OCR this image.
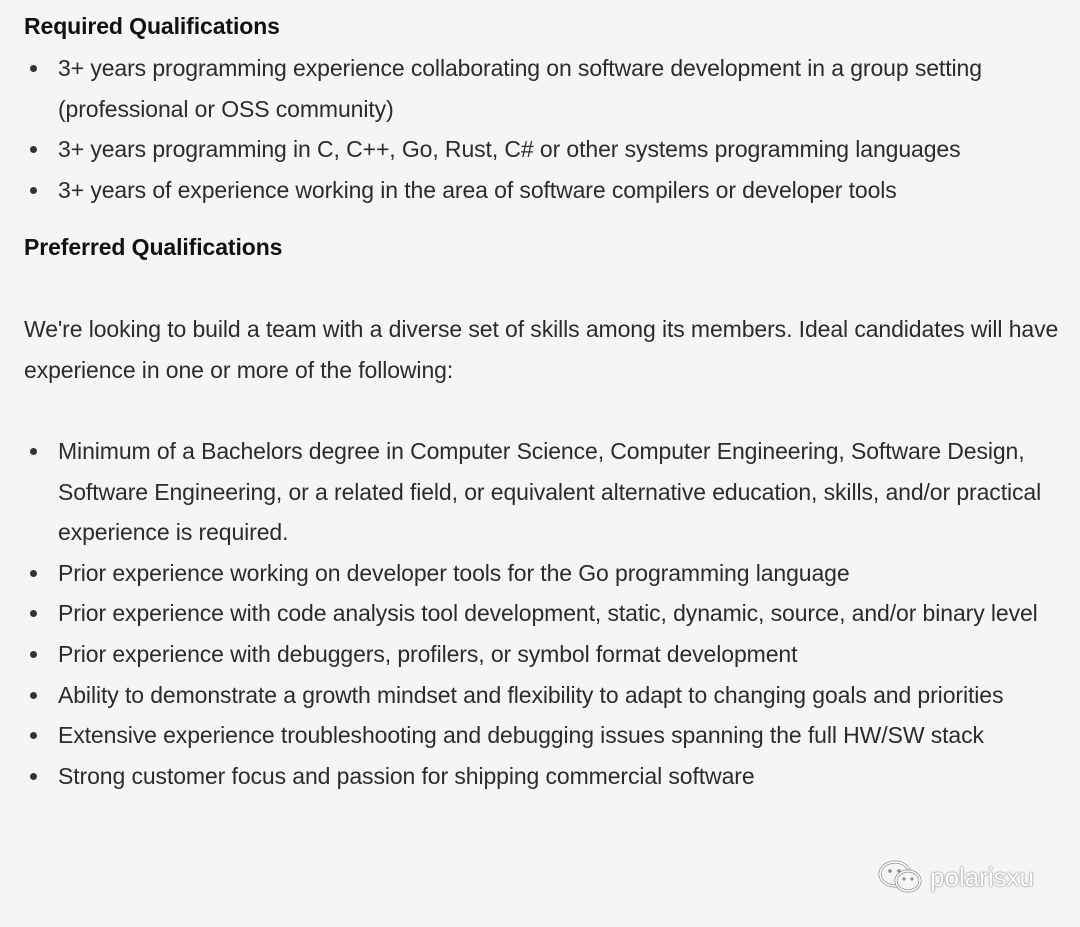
Required Qualifications
3+ years programming experience collaborating on software development in a group setting (professional or OSS community)
3+ years programming in C, C++, Go, Rust, C# or other systems programming languages
3+ years of experience working in the area of software compilers or developer tools
Preferred Qualifications

We're looking to build a team with a diverse set of skills among its members. Ideal candidates will have experience in one or more of the following:

Minimum of a Bachelors degree in Computer Science, Computer Engineering, Software Design, Software Engineering, or a related field, or equivalent alternative education, skills, and/or practical experience is required.
Prior experience working on developer tools for the Go programming language
Prior experience with code analysis tool development, static, dynamic, source, and/or binary level
Prior experience with debuggers, profilers, or symbol format development
Ability to demonstrate a growth mindset and flexibility to adapt to changing goals and priorities
Extensive experience troubleshooting and debugging issues spanning the full HW/SW stack
Strong customer focus and passion for shipping commercial software
polarisxu
